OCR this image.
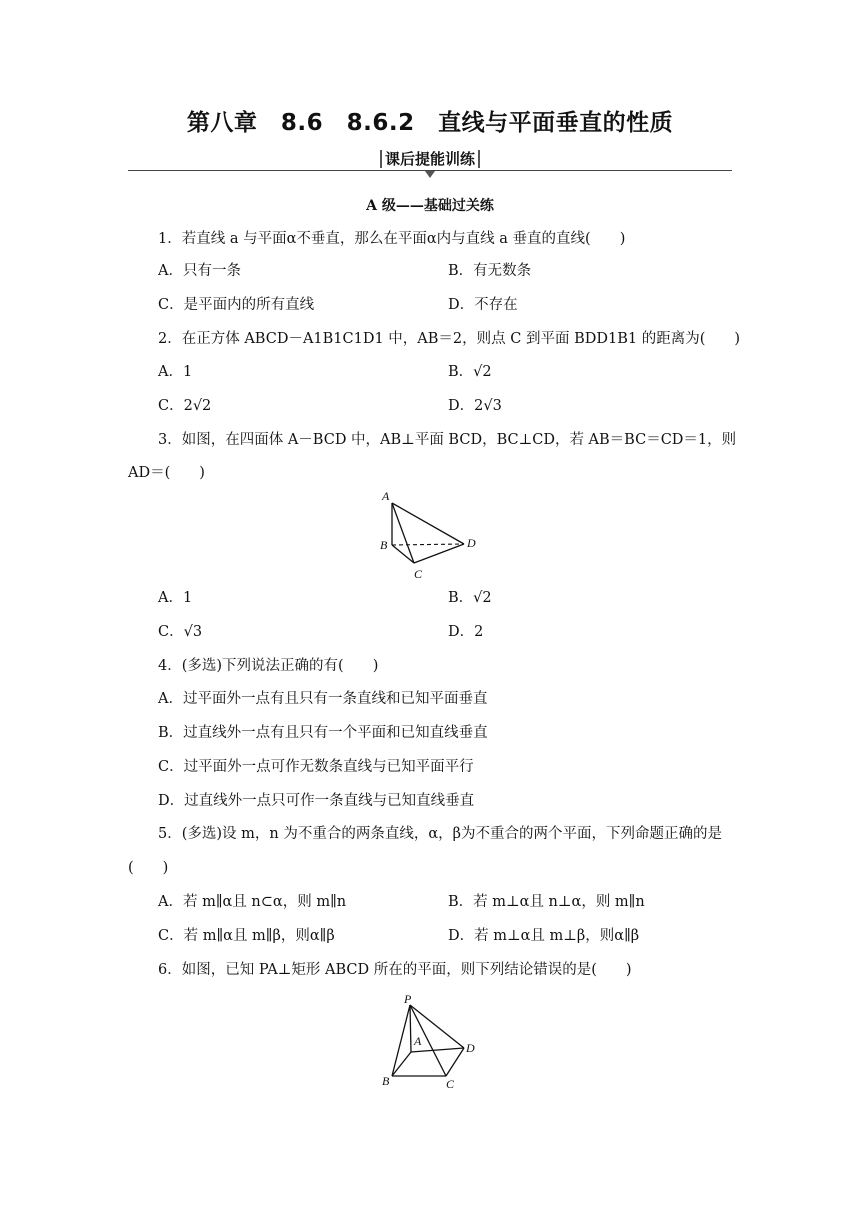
第八章　8.6　8.6.2　直线与平面垂直的性质
课后提能训练
A 级——基础过关练
1．若直线 a 与平面α不垂直，那么在平面α内与直线 a 垂直的直线(　　)
A．只有一条	B．有无数条
C．是平面内的所有直线	D．不存在
2．在正方体 ABCD－A1B1C1D1 中，AB＝2，则点 C 到平面 BDD1B1 的距离为(　　)
A．1	B．√2
C．2√2	D．2√3
3．如图，在四面体 A－BCD 中，AB⊥平面 BCD，BC⊥CD，若 AB＝BC＝CD＝1，则
AD＝(　　)
A
B
C
D
A．1	B．√2
C．√3	D．2
4．(多选)下列说法正确的有(　　)
A．过平面外一点有且只有一条直线和已知平面垂直
B．过直线外一点有且只有一个平面和已知直线垂直
C．过平面外一点可作无数条直线与已知平面平行
D．过直线外一点只可作一条直线与已知直线垂直
5．(多选)设 m，n 为不重合的两条直线，α，β为不重合的两个平面，下列命题正确的是
(　　)
A．若 m∥α且 n⊂α，则 m∥n	B．若 m⊥α且 n⊥α，则 m∥n
C．若 m∥α且 m∥β，则α∥β	D．若 m⊥α且 m⊥β，则α∥β
6．如图，已知 PA⊥矩形 ABCD 所在的平面，则下列结论错误的是(　　)
P
A	D
B	C
